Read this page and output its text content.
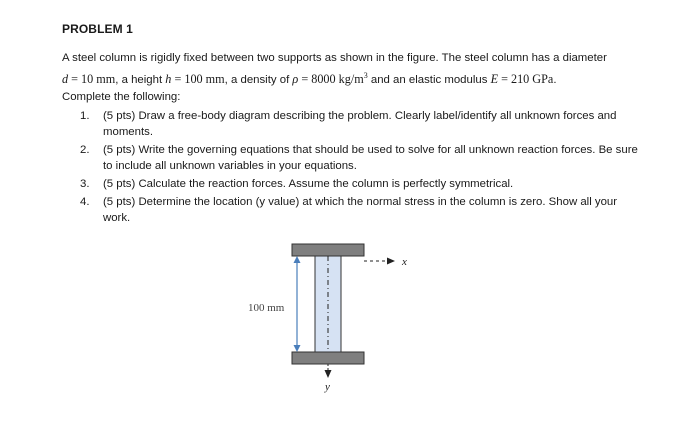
PROBLEM 1
A steel column is rigidly fixed between two supports as shown in the figure. The steel column has a diameter
d = 10 mm, a height h = 100 mm, a density of ρ = 8000 $kg/m^3$ and an elastic modulus E = 210 GPa.
Complete the following:
1. (5 pts) Draw a free-body diagram describing the problem. Clearly label/identify all unknown forces and moments.
2. (5 pts) Write the governing equations that should be used to solve for all unknown reaction forces. Be sure to include all unknown variables in your equations.
3. (5 pts) Calculate the reaction forces. Assume the column is perfectly symmetrical.
4. (5 pts) Determine the location (y value) at which the normal stress in the column is zero. Show all your work.
100 mm
x
y
